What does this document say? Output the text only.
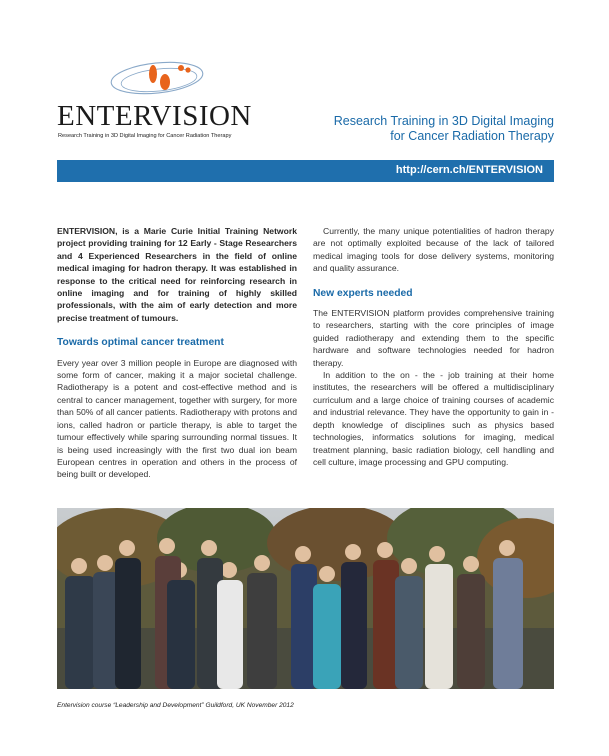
ENTERVISION
Research Training in 3D Digital Imaging for Cancer Radiation Therapy
Research Training in 3D Digital Imaging
for Cancer Radiation Therapy
http://cern.ch/ENTERVISION

ENTERVISION, is a Marie Curie Initial Training Network project providing training for 12 Early - Stage Researchers and 4 Experienced Researchers in the field of online medical imaging for hadron therapy. It was established in response to the critical need for reinforcing research in online imaging and for training of highly skilled professionals, with the aim of early detection and more precise treatment of tumours.

Towards optimal cancer treatment

Every year over 3 million people in Europe are diagnosed with some form of cancer, making it a major societal challenge. Radiotherapy is a potent and cost-effective method and is central to cancer management, together with surgery, for more than 50% of all cancer patients. Radiotherapy with protons and ions, called hadron or particle therapy, is able to target the tumour effectively while sparing surrounding normal tissues. It is being used increasingly with the first two dual ion beam European centres in operation and others in the process of being built or developed.

Currently, the many unique potentialities of hadron therapy are not optimally exploited because of the lack of tailored medical imaging tools for dose delivery systems, monitoring and quality assurance.

New experts needed

The ENTERVISION platform provides comprehensive training to researchers, starting with the core principles of image guided radiotherapy and extending them to the specific hardware and software technologies needed for hadron therapy.

In addition to the on - the - job training at their home institutes, the researchers will be offered a multidisciplinary curriculum and a large choice of training courses of academic and industrial relevance. They have the opportunity to gain in - depth knowledge of disciplines such as physics based technologies, informatics solutions for imaging, medical treatment planning, basic radiation biology, cell handling and cell culture, image processing and GPU computing.

Entervision course “Leadership and Development” Guildford, UK November 2012
